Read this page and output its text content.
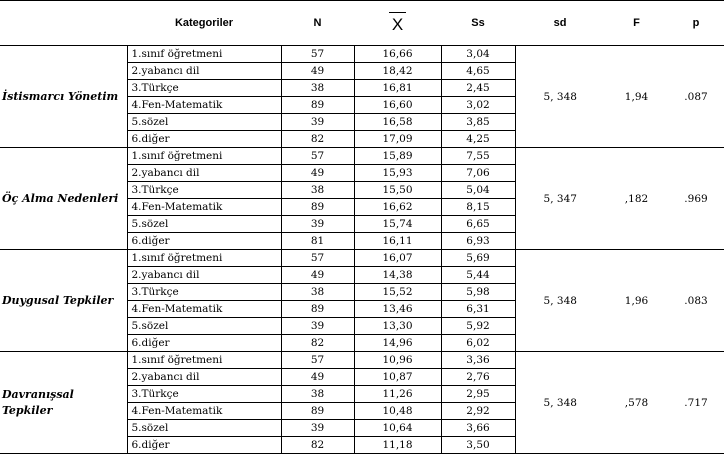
	Kategoriler	N	X	Ss	sd	F	p
İstismarcı Yönetim	1.sınıf öğretmeni	57	16,66	3,04	5, 348	1,94	.087
	2.yabancı dil	49	18,42	4,65			
	3.Türkçe	38	16,81	2,45			
	4.Fen-Matematik	89	16,60	3,02			
	5.sözel	39	16,58	3,85			
	6.diğer	82	17,09	4,25			
Öç Alma Nedenleri	1.sınıf öğretmeni	57	15,89	7,55	5, 347	,182	.969
	2.yabancı dil	49	15,93	7,06			
	3.Türkçe	38	15,50	5,04			
	4.Fen-Matematik	89	16,62	8,15			
	5.sözel	39	15,74	6,65			
	6.diğer	81	16,11	6,93			
Duygusal Tepkiler	1.sınıf öğretmeni	57	16,07	5,69	5, 348	1,96	.083
	2.yabancı dil	49	14,38	5,44			
	3.Türkçe	38	15,52	5,98			
	4.Fen-Matematik	89	13,46	6,31			
	5.sözel	39	13,30	5,92			
	6.diğer	82	14,96	6,02			
Davranışsal Tepkiler	1.sınıf öğretmeni	57	10,96	3,36	5, 348	,578	.717
	2.yabancı dil	49	10,87	2,76			
	3.Türkçe	38	11,26	2,95			
	4.Fen-Matematik	89	10,48	2,92			
	5.sözel	39	10,64	3,66			
	6.diğer	82	11,18	3,50			
